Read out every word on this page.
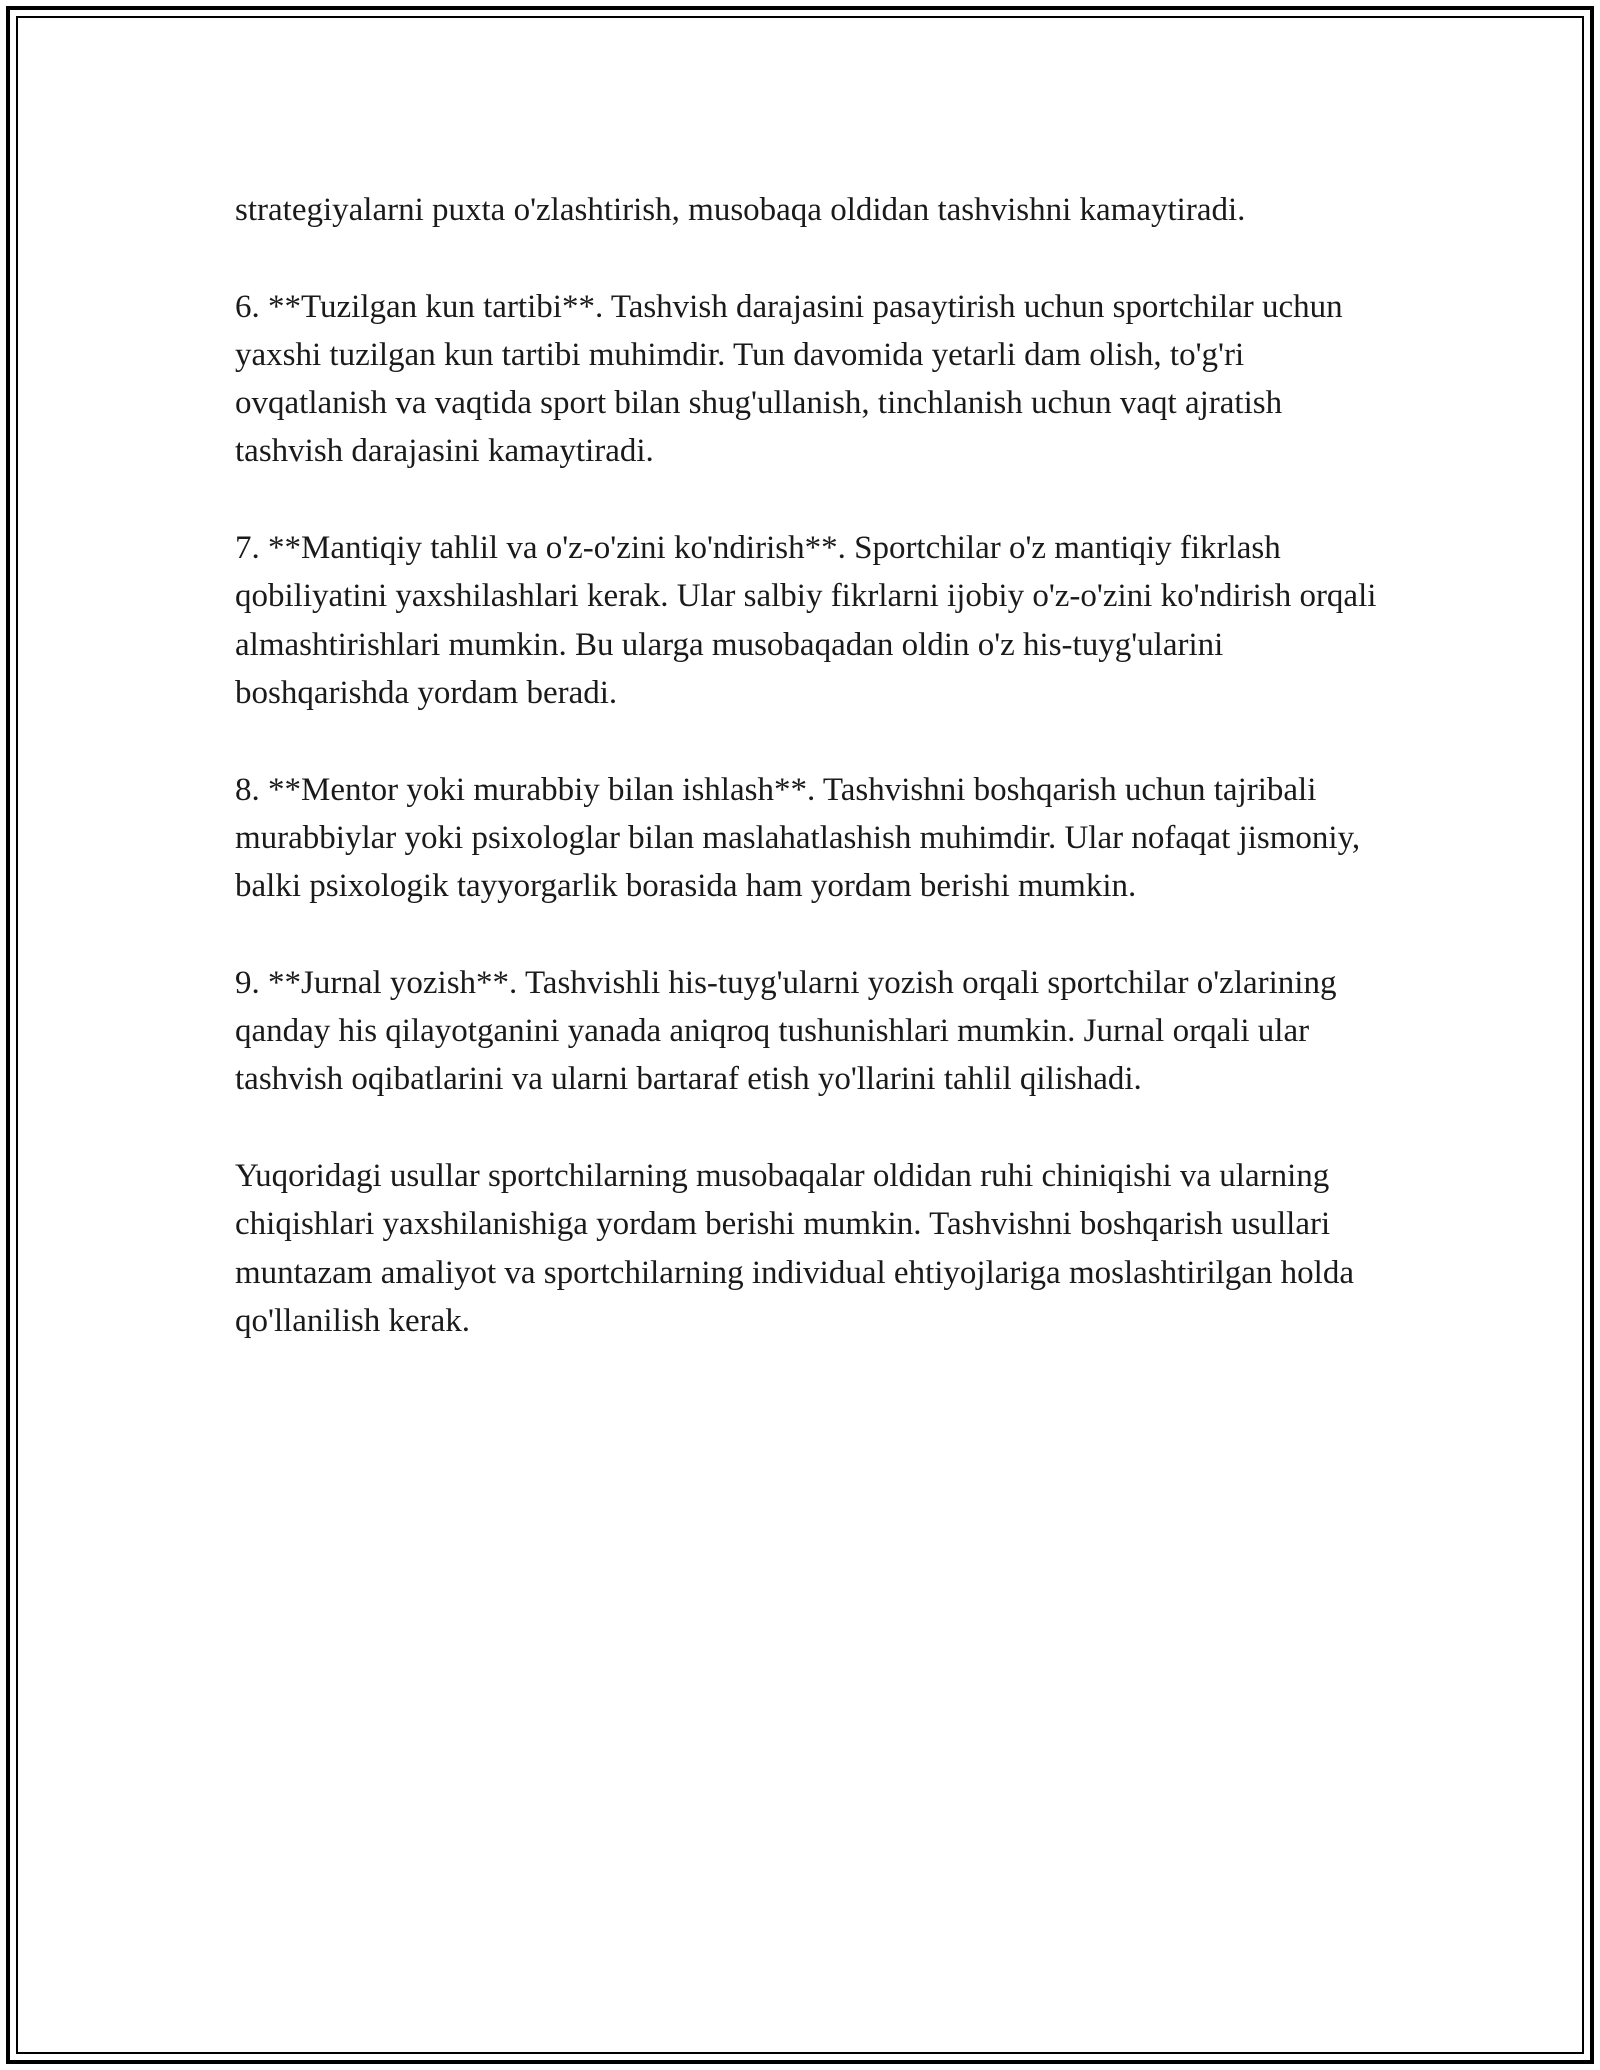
strategiyalarni puxta o'zlashtirish, musobaqa oldidan tashvishni kamaytiradi.

6. **Tuzilgan kun tartibi**. Tashvish darajasini pasaytirish uchun sportchilar uchun yaxshi tuzilgan kun tartibi muhimdir. Tun davomida yetarli dam olish, to'g'ri ovqatlanish va vaqtida sport bilan shug'ullanish, tinchlanish uchun vaqt ajratish tashvish darajasini kamaytiradi.

7. **Mantiqiy tahlil va o'z-o'zini ko'ndirish**. Sportchilar o'z mantiqiy fikrlash qobiliyatini yaxshilashlari kerak. Ular salbiy fikrlarni ijobiy o'z-o'zini ko'ndirish orqali almashtirishlari mumkin. Bu ularga musobaqadan oldin o'z his-tuyg'ularini boshqarishda yordam beradi.

8. **Mentor yoki murabbiy bilan ishlash**. Tashvishni boshqarish uchun tajribali murabbiylar yoki psixologlar bilan maslahatlashish muhimdir. Ular nofaqat jismoniy, balki psixologik tayyorgarlik borasida ham yordam berishi mumkin.

9. **Jurnal yozish**. Tashvishli his-tuyg'ularni yozish orqali sportchilar o'zlarining qanday his qilayotganini yanada aniqroq tushunishlari mumkin. Jurnal orqali ular tashvish oqibatlarini va ularni bartaraf etish yo'llarini tahlil qilishadi.

Yuqoridagi usullar sportchilarning musobaqalar oldidan ruhi chiniqishi va ularning chiqishlari yaxshilanishiga yordam berishi mumkin. Tashvishni boshqarish usullari muntazam amaliyot va sportchilarning individual ehtiyojlariga moslashtirilgan holda qo'llanilish kerak.
